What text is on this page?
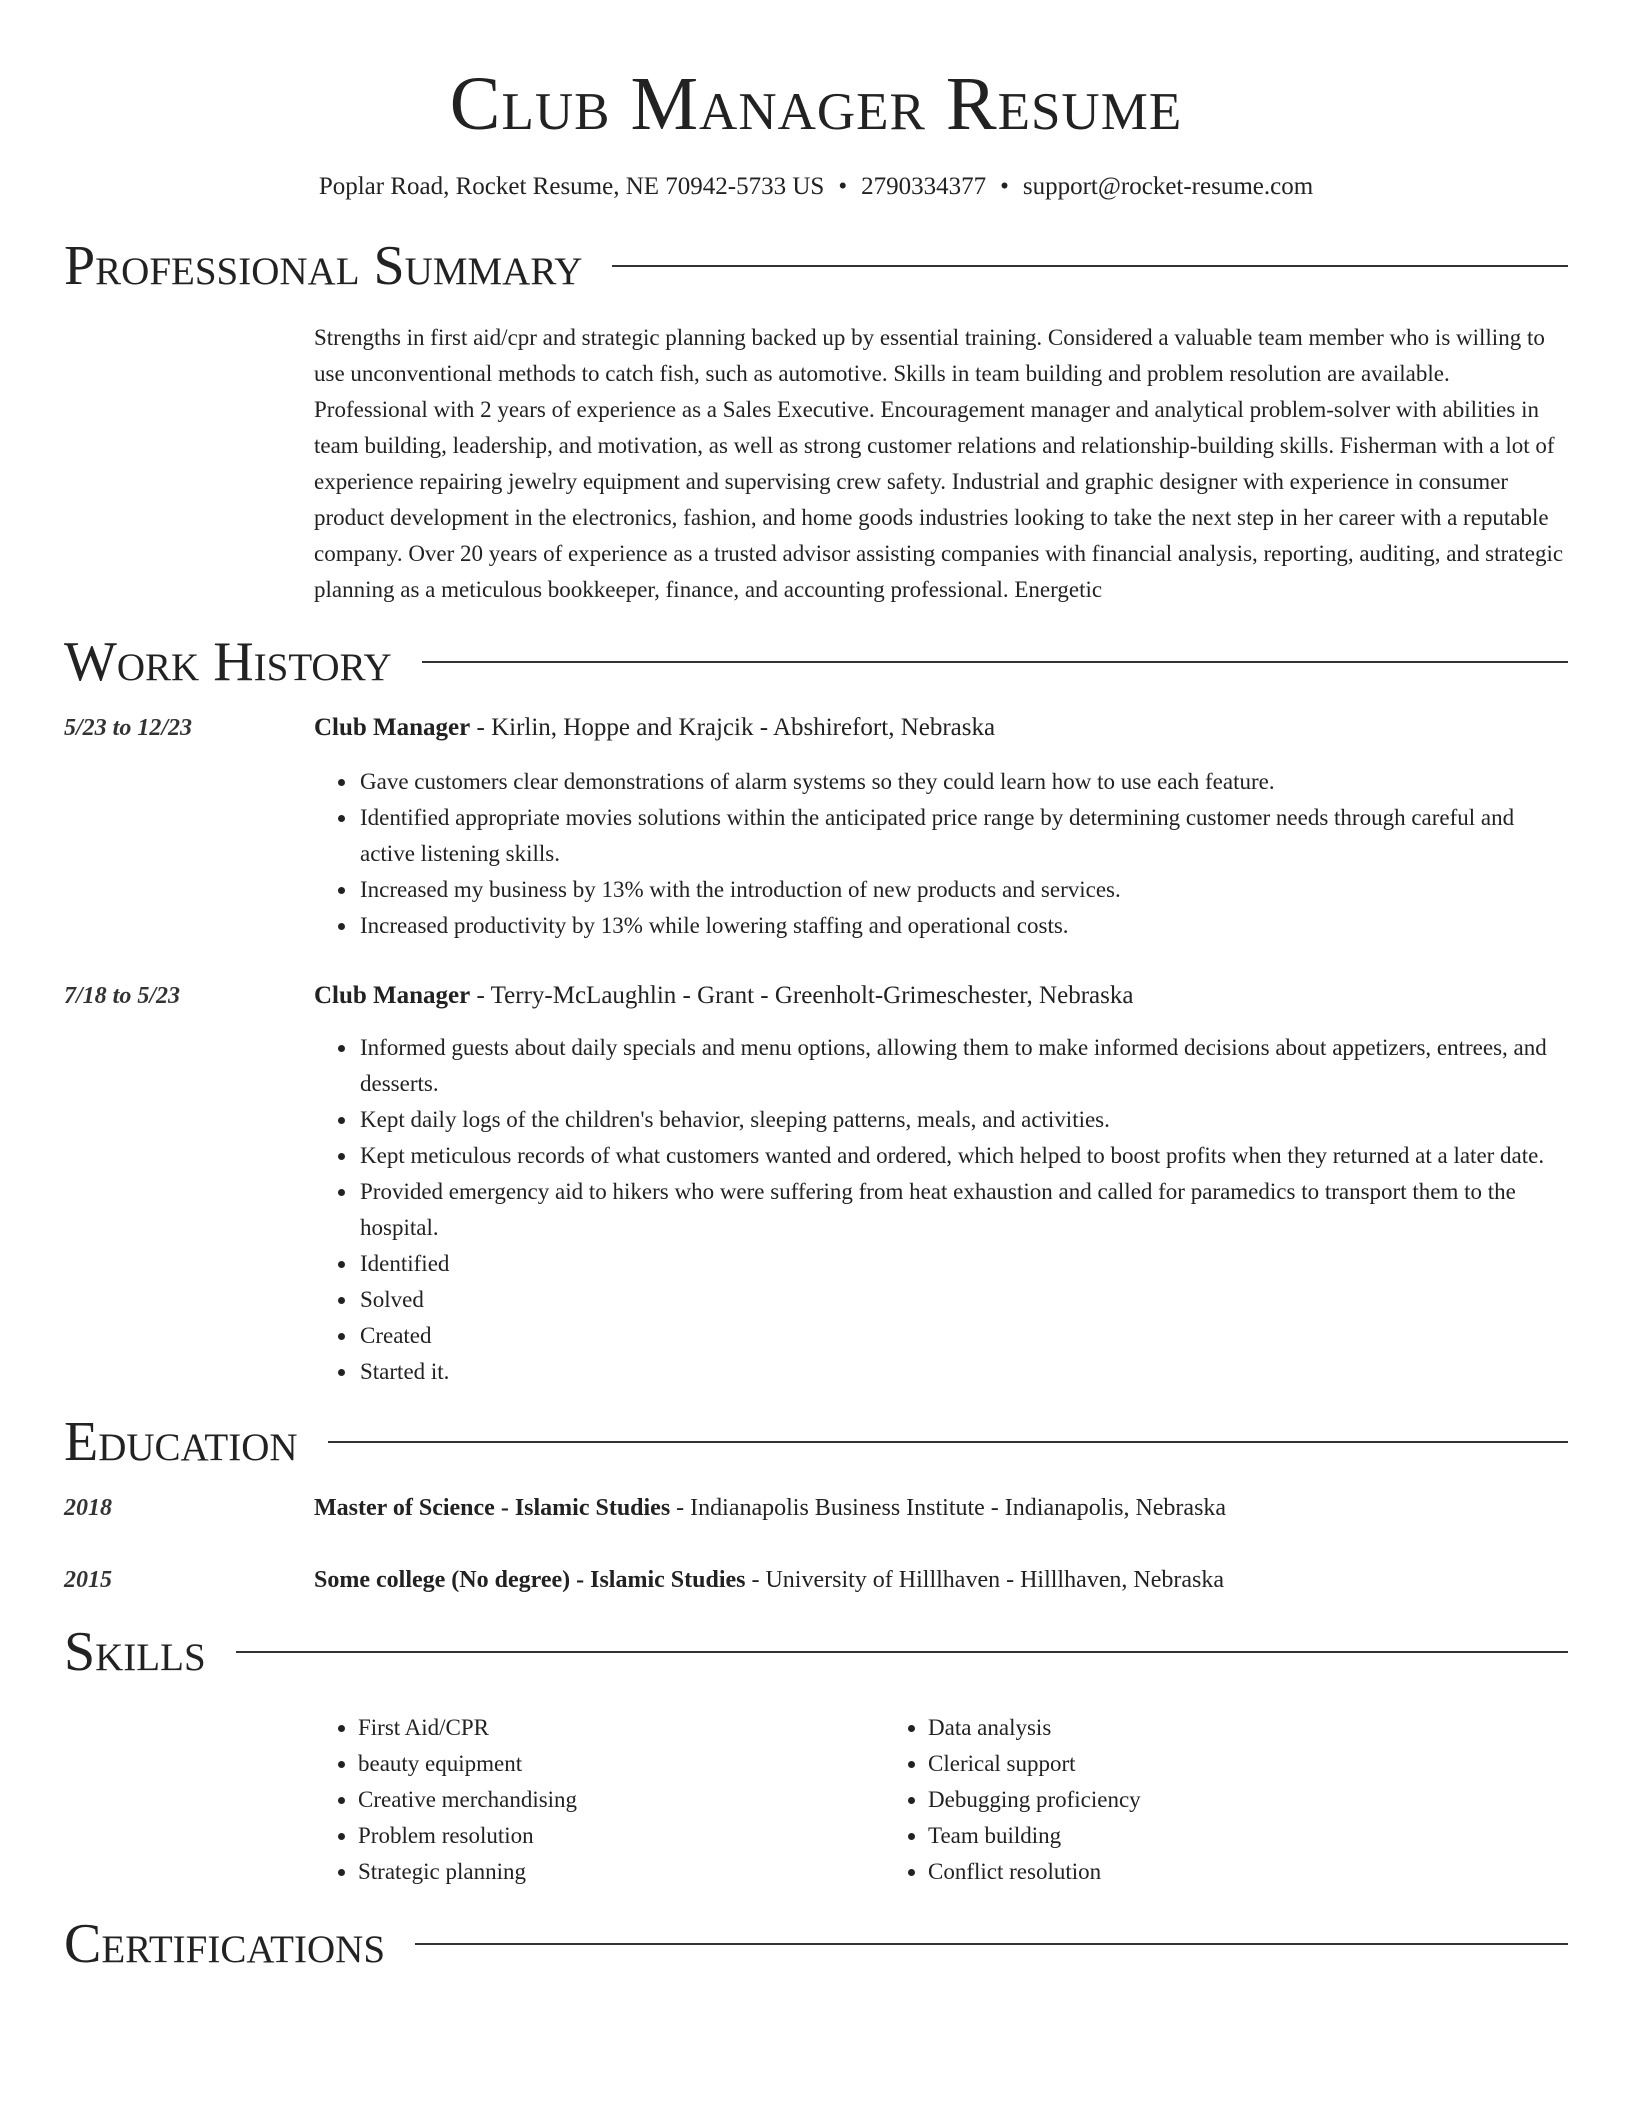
Club Manager Resume
Poplar Road, Rocket Resume, NE 70942-5733 US • 2790334377 • support@rocket-resume.com
Professional Summary
Strengths in first aid/cpr and strategic planning backed up by essential training. Considered a valuable team member who is willing to use unconventional methods to catch fish, such as automotive. Skills in team building and problem resolution are available. Professional with 2 years of experience as a Sales Executive. Encouragement manager and analytical problem-solver with abilities in team building, leadership, and motivation, as well as strong customer relations and relationship-building skills. Fisherman with a lot of experience repairing jewelry equipment and supervising crew safety. Industrial and graphic designer with experience in consumer product development in the electronics, fashion, and home goods industries looking to take the next step in her career with a reputable company. Over 20 years of experience as a trusted advisor assisting companies with financial analysis, reporting, auditing, and strategic planning as a meticulous bookkeeper, finance, and accounting professional. Energetic
Work History
5/23 to 12/23	Club Manager - Kirlin, Hoppe and Krajcik - Abshirefort, Nebraska
• Gave customers clear demonstrations of alarm systems so they could learn how to use each feature.
• Identified appropriate movies solutions within the anticipated price range by determining customer needs through careful and active listening skills.
• Increased my business by 13% with the introduction of new products and services.
• Increased productivity by 13% while lowering staffing and operational costs.
7/18 to 5/23	Club Manager - Terry-McLaughlin - Grant - Greenholt-Grimeschester, Nebraska
• Informed guests about daily specials and menu options, allowing them to make informed decisions about appetizers, entrees, and desserts.
• Kept daily logs of the children's behavior, sleeping patterns, meals, and activities.
• Kept meticulous records of what customers wanted and ordered, which helped to boost profits when they returned at a later date.
• Provided emergency aid to hikers who were suffering from heat exhaustion and called for paramedics to transport them to the hospital.
• Identified
• Solved
• Created
• Started it.
Education
2018	Master of Science - Islamic Studies - Indianapolis Business Institute - Indianapolis, Nebraska
2015	Some college (No degree) - Islamic Studies - University of Hilllhaven - Hilllhaven, Nebraska
Skills
• First Aid/CPR
• beauty equipment
• Creative merchandising
• Problem resolution
• Strategic planning
• Data analysis
• Clerical support
• Debugging proficiency
• Team building
• Conflict resolution
Certifications
